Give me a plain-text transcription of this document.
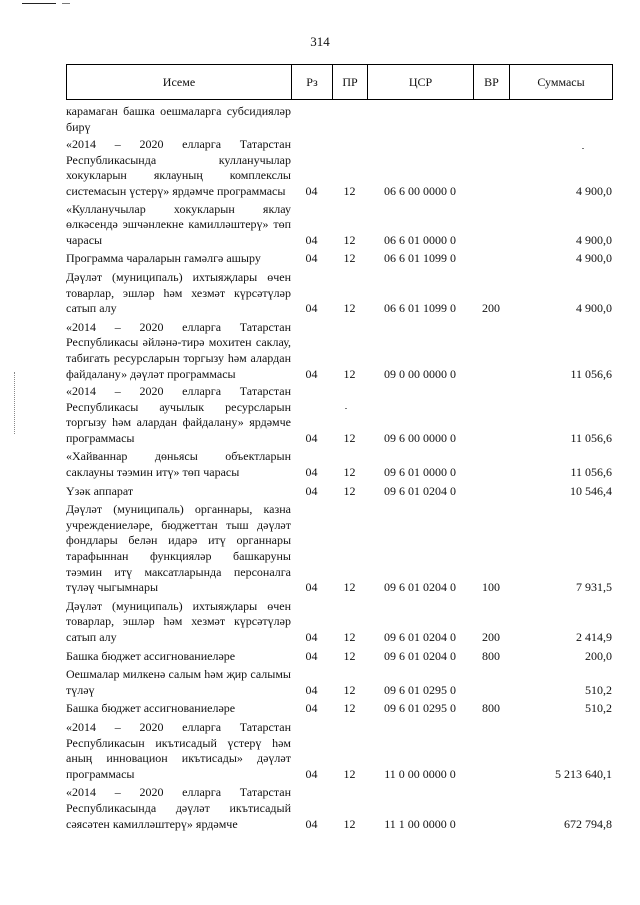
314
Исеме	Рз	ПР	ЦСР	ВР	Суммасы
карамаган башка оешмаларга субсидияләр бирү
«2014 – 2020 елларга Татарстан Республикасында кулланучылар хокукларын яклауның комплекслы системасын үстерү» ярдәмче программасы	04	12	06 6 00 0000 0	4 900,0
«Кулланучылар хокукларын яклау өлкәсендә эшчәнлекне камилләштерү» төп чарасы	04	12	06 6 01 0000 0	4 900,0
Программа чараларын гамәлгә ашыру	04	12	06 6 01 1099 0	4 900,0
Дәүләт (муниципаль) ихтыяҗлары өчен товарлар, эшләр һәм хезмәт күрсәтүләр сатып алу	04	12	06 6 01 1099 0	200	4 900,0
«2014 – 2020 елларга Татарстан Республикасы әйләнә-тирә мохитен саклау, табигать ресурсларын торгызу һәм алардан файдалану» дәүләт программасы	04	12	09 0 00 0000 0	11 056,6
«2014 – 2020 елларга Татарстан Республикасы аучылык ресурсларын торгызу һәм алардан файдалану» ярдәмче программасы	04	12	09 6 00 0000 0	11 056,6
«Хайваннар дөньясы объектларын саклауны тәэмин итү» төп чарасы	04	12	09 6 01 0000 0	11 056,6
Үзәк аппарат	04	12	09 6 01 0204 0	10 546,4
Дәүләт (муниципаль) органнары, казна учреждениеләре, бюджеттан тыш дәүләт фондлары белән идарә итү органнары тарафыннан функцияләр башкаруны тәэмин итү максатларында персоналга түләү чыгымнары	04	12	09 6 01 0204 0	100	7 931,5
Дәүләт (муниципаль) ихтыяҗлары өчен товарлар, эшләр һәм хезмәт күрсәтүләр сатып алу	04	12	09 6 01 0204 0	200	2 414,9
Башка бюджет ассигнованиеләре	04	12	09 6 01 0204 0	800	200,0
Оешмалар милкенә салым һәм җир салымы түләү	04	12	09 6 01 0295 0	510,2
Башка бюджет ассигнованиеләре	04	12	09 6 01 0295 0	800	510,2
«2014 – 2020 елларга Татарстан Республикасын икътисадый үстерү һәм аның инновацион икътисады» дәүләт программасы	04	12	11 0 00 0000 0	5 213 640,1
«2014 – 2020 елларга Татарстан Республикасында дәүләт икътисадый сәясәтен камилләштерү» ярдәмче	04	12	11 1 00 0000 0	672 794,8
